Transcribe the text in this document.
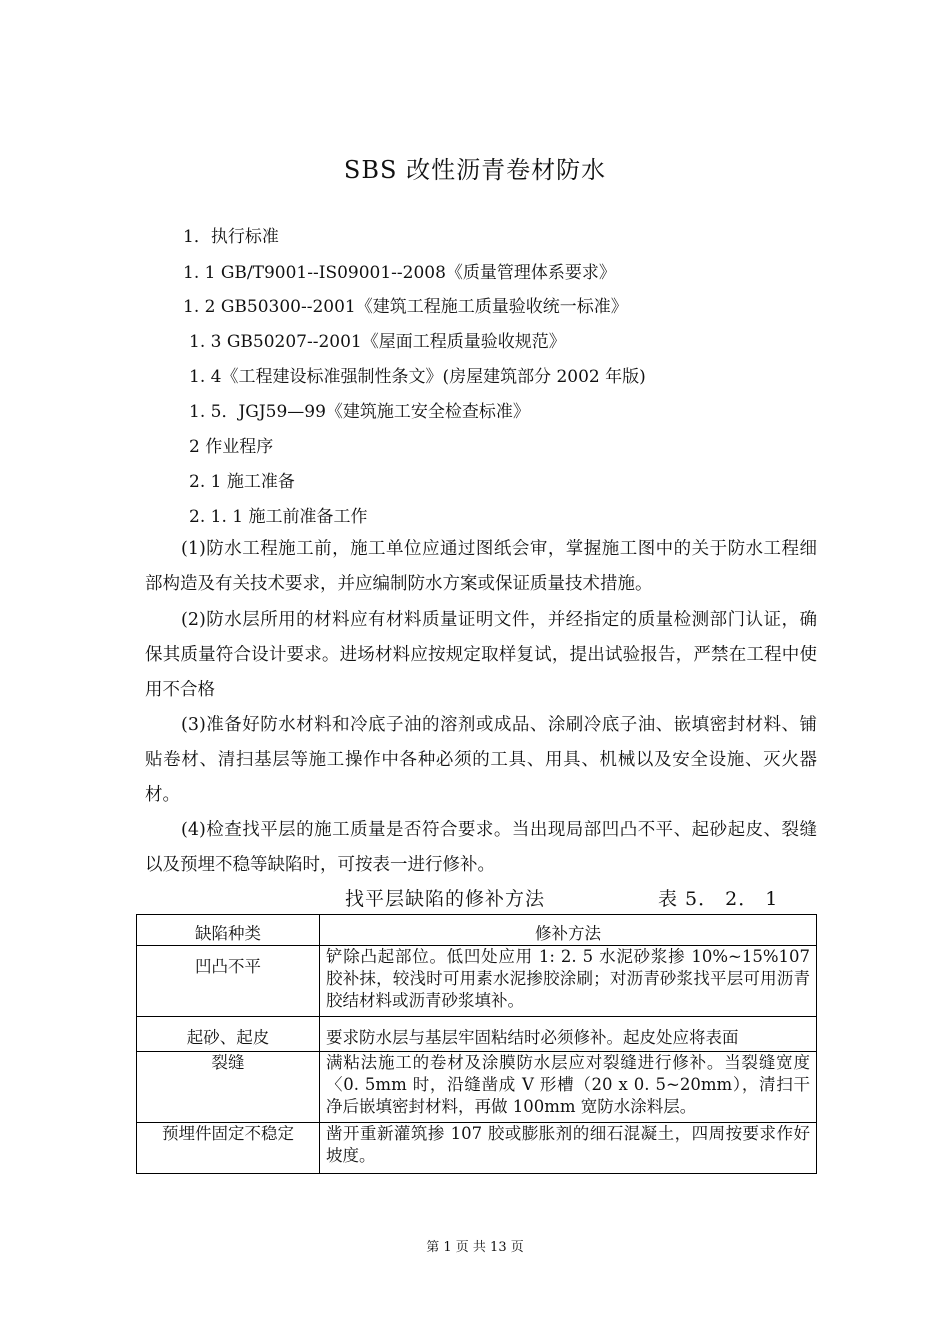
SBS 改性沥青卷材防水
1．执行标准
1. 1 GB/T9001--IS09001--2008《质量管理体系要求》
1. 2 GB50300--2001《建筑工程施工质量验收统一标准》
1. 3 GB50207--2001《屋面工程质量验收规范》
1. 4《工程建设标准强制性条文》(房屋建筑部分 2002 年版)
1. 5．JGJ59—99《建筑施工安全检查标准》
2 作业程序
2. 1 施工准备
2. 1. 1 施工前准备工作
(1)防水工程施工前，施工单位应通过图纸会审，掌握施工图中的关于防水工程细部构造及有关技术要求，并应编制防水方案或保证质量技术措施。
(2)防水层所用的材料应有材料质量证明文件，并经指定的质量检测部门认证，确保其质量符合设计要求。进场材料应按规定取样复试，提出试验报告，严禁在工程中使用不合格
(3)准备好防水材料和冷底子油的溶剂或成品、涂刷冷底子油、嵌填密封材料、铺贴卷材、清扫基层等施工操作中各种必须的工具、用具、机械以及安全设施、灭火器材。
(4)检查找平层的施工质量是否符合要求。当出现局部凹凸不平、起砂起皮、裂缝以及预埋不稳等缺陷时，可按表一进行修补。
找平层缺陷的修补方法	表 5． 2． 1
缺陷种类	修补方法
凹凸不平	铲除凸起部位。低凹处应用 1: 2. 5 水泥砂浆掺 10%~15%107 胶补抹，较浅时可用素水泥掺胶涂刷；对沥青砂浆找平层可用沥青胶结材料或沥青砂浆填补。
起砂、起皮	要求防水层与基层牢固粘结时必须修补。起皮处应将表面
裂缝	满粘法施工的卷材及涂膜防水层应对裂缝进行修补。当裂缝宽度〈0. 5mm 时，沿缝凿成 V 形槽（20 x 0. 5~20mm），清扫干净后嵌填密封材料，再做 100mm 宽防水涂料层。
预埋件固定不稳定	凿开重新灌筑掺 107 胶或膨胀剂的细石混凝土，四周按要求作好坡度。
第 1 页 共 13 页
